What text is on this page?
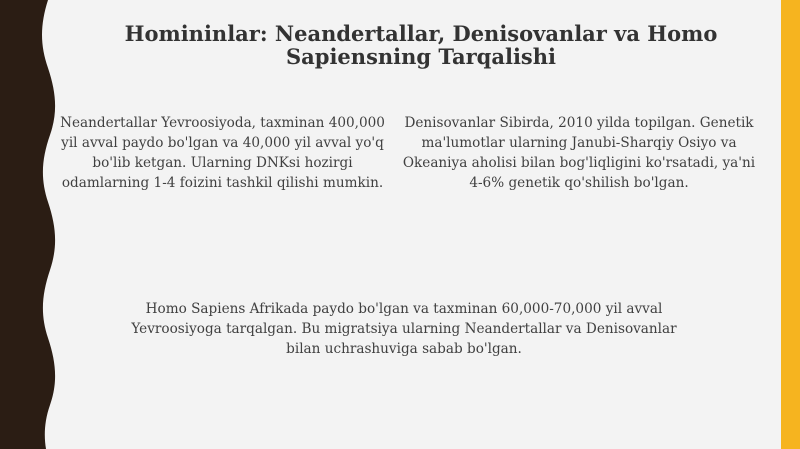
Homininlar: Neandertallar, Denisovanlar va Homo Sapiensning Tarqalishi
Neandertallar Yevroosiyoda, taxminan 400,000 yil avval paydo bo'lgan va 40,000 yil avval yo'q bo'lib ketgan. Ularning DNKsi hozirgi odamlarning 1-4 foizini tashkil qilishi mumkin.
Denisovanlar Sibirda, 2010 yilda topilgan. Genetik ma'lumotlar ularning Janubi-Sharqiy Osiyo va Okeaniya aholisi bilan bog'liqligini ko'rsatadi, ya'ni 4-6% genetik qo'shilish bo'lgan.
Homo Sapiens Afrikada paydo bo'lgan va taxminan 60,000-70,000 yil avval Yevroosiyoga tarqalgan. Bu migratsiya ularning Neandertallar va Denisovanlar bilan uchrashuviga sabab bo'lgan.
